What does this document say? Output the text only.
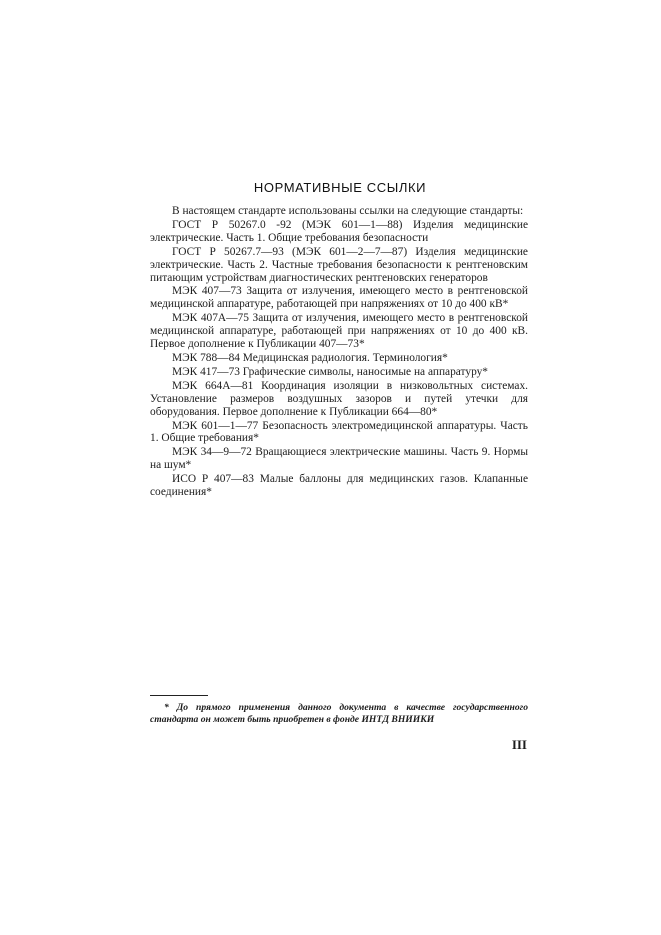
НОРМАТИВНЫЕ ССЫЛКИ

В настоящем стандарте использованы ссылки на следующие стандарты:

ГОСТ Р 50267.0 -92 (МЭК 601—1—88) Изделия медицинские электрические. Часть 1. Общие требования безопасности

ГОСТ Р 50267.7—93 (МЭК 601—2—7—87) Изделия медицинские электрические. Часть 2. Частные требования безопасности к рентгеновским питающим устройствам диагностических рентгеновских генераторов

МЭК 407—73 Защита от излучения, имеющего место в рентгеновской медицинской аппаратуре, работающей при напряжениях от 10 до 400 кВ*

МЭК 407А—75 Защита от излучения, имеющего место в рентгеновской медицинской аппаратуре, работающей при напряжениях от 10 до 400 кВ. Первое дополнение к Публикации 407—73*

МЭК 788—84 Медицинская радиология. Терминология*

МЭК 417—73 Графические символы, наносимые на аппаратуру*

МЭК 664А—81 Координация изоляции в низковольтных системах. Установление размеров воздушных зазоров и путей утечки для оборудования. Первое дополнение к Публикации 664—80*

МЭК 601—1—77 Безопасность электромедицинской аппаратуры. Часть 1. Общие требования*

МЭК 34—9—72 Вращающиеся электрические машины. Часть 9. Нормы на шум*

ИСО Р 407—83 Малые баллоны для медицинских газов. Клапанные соединения*

* До прямого применения данного документа в качестве государственного стандарта он может быть приобретен в фонде ИНТД ВНИИКИ
III
